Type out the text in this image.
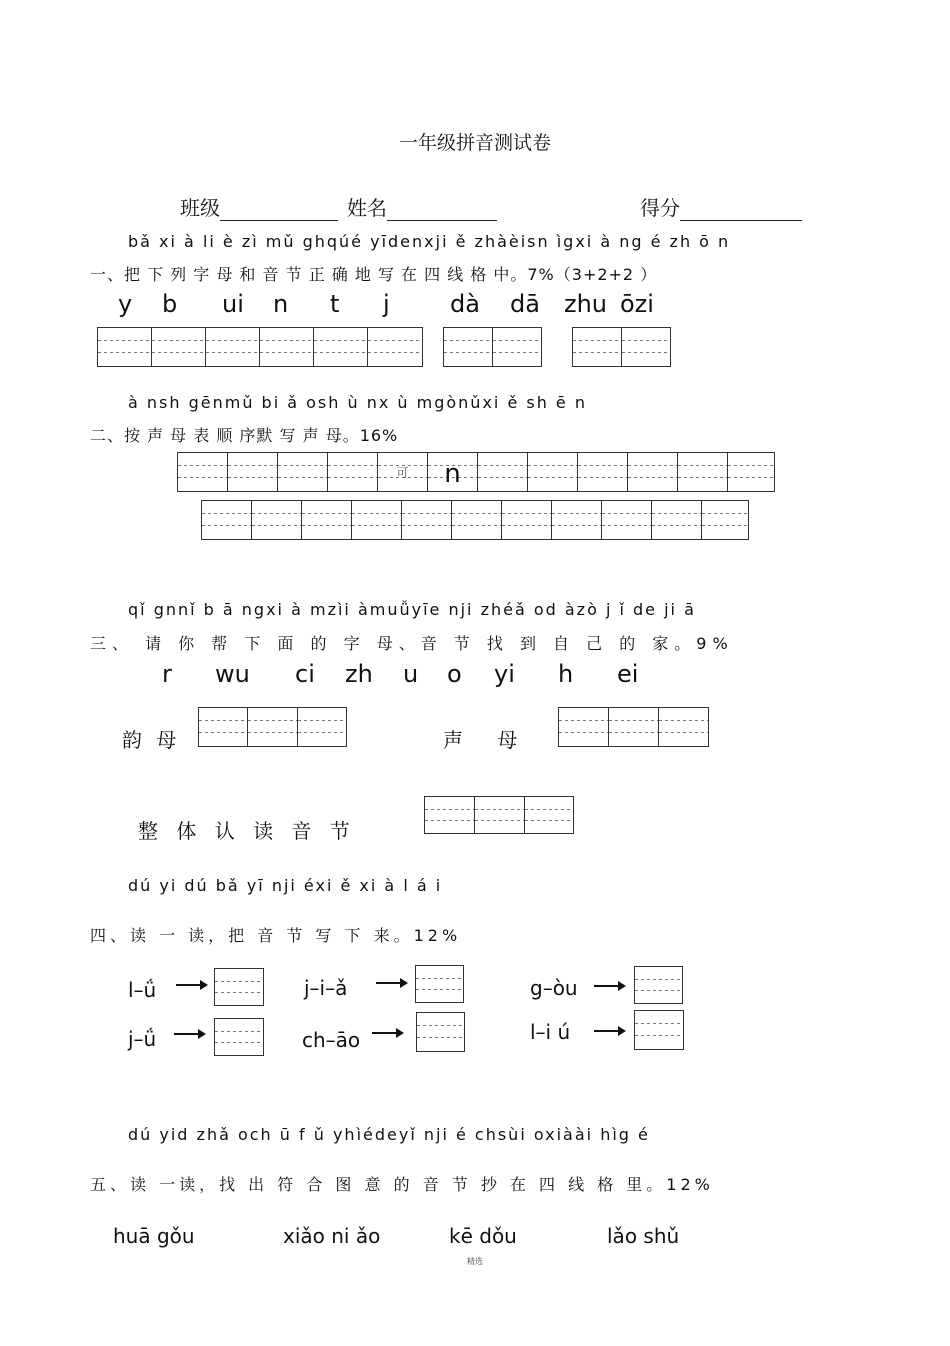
一年级拼音测试卷
班级	姓名	得分
bǎ xi à li è zì mǔ ghqúé yīdenxji ě zhàèisn ìgxi à ng é zh ō n
一、把 下 列 字 母 和 音 节 正 确 地 写 在 四 线 格 中。7%（3+2+2 ）
y b ui n t j	dà dā zhu ōzi
à nsh gēnmǔ bi ǎ osh ù nx ù mgònǔxi ě sh ē n
二、按 声 母 表 顺 序默 写 声 母。16%
可	n
qǐ gnnǐ b ā ngxi à mzìi àmuǚyīe nji zhéǎ od àzò j ǐ de ji ā
三、 请 你 帮 下 面 的 字 母、音 节 找 到 自 己 的 家。9%
r wu ci zh u o yi h ei
韵 母	声 母
整 体 认 读 音 节
dú yi dú bǎ yī nji éxi ě xi à l á i
四、读 一 读，把 音 节 写 下 来。12%
l–ǘ	j–i–ǎ	g–òu
j–ǘ	ch–āo	l–i ú
dú yid zhǎ och ū f ǔ yhìédeyǐ nji é chsùi oxiàài hìg é
五、读 一读，找 出 符 合 图 意 的 音 节 抄 在 四 线 格 里。12%
huā gǒu	xiǎo ni ǎo	kē dǒu	lǎo shǔ
精选
